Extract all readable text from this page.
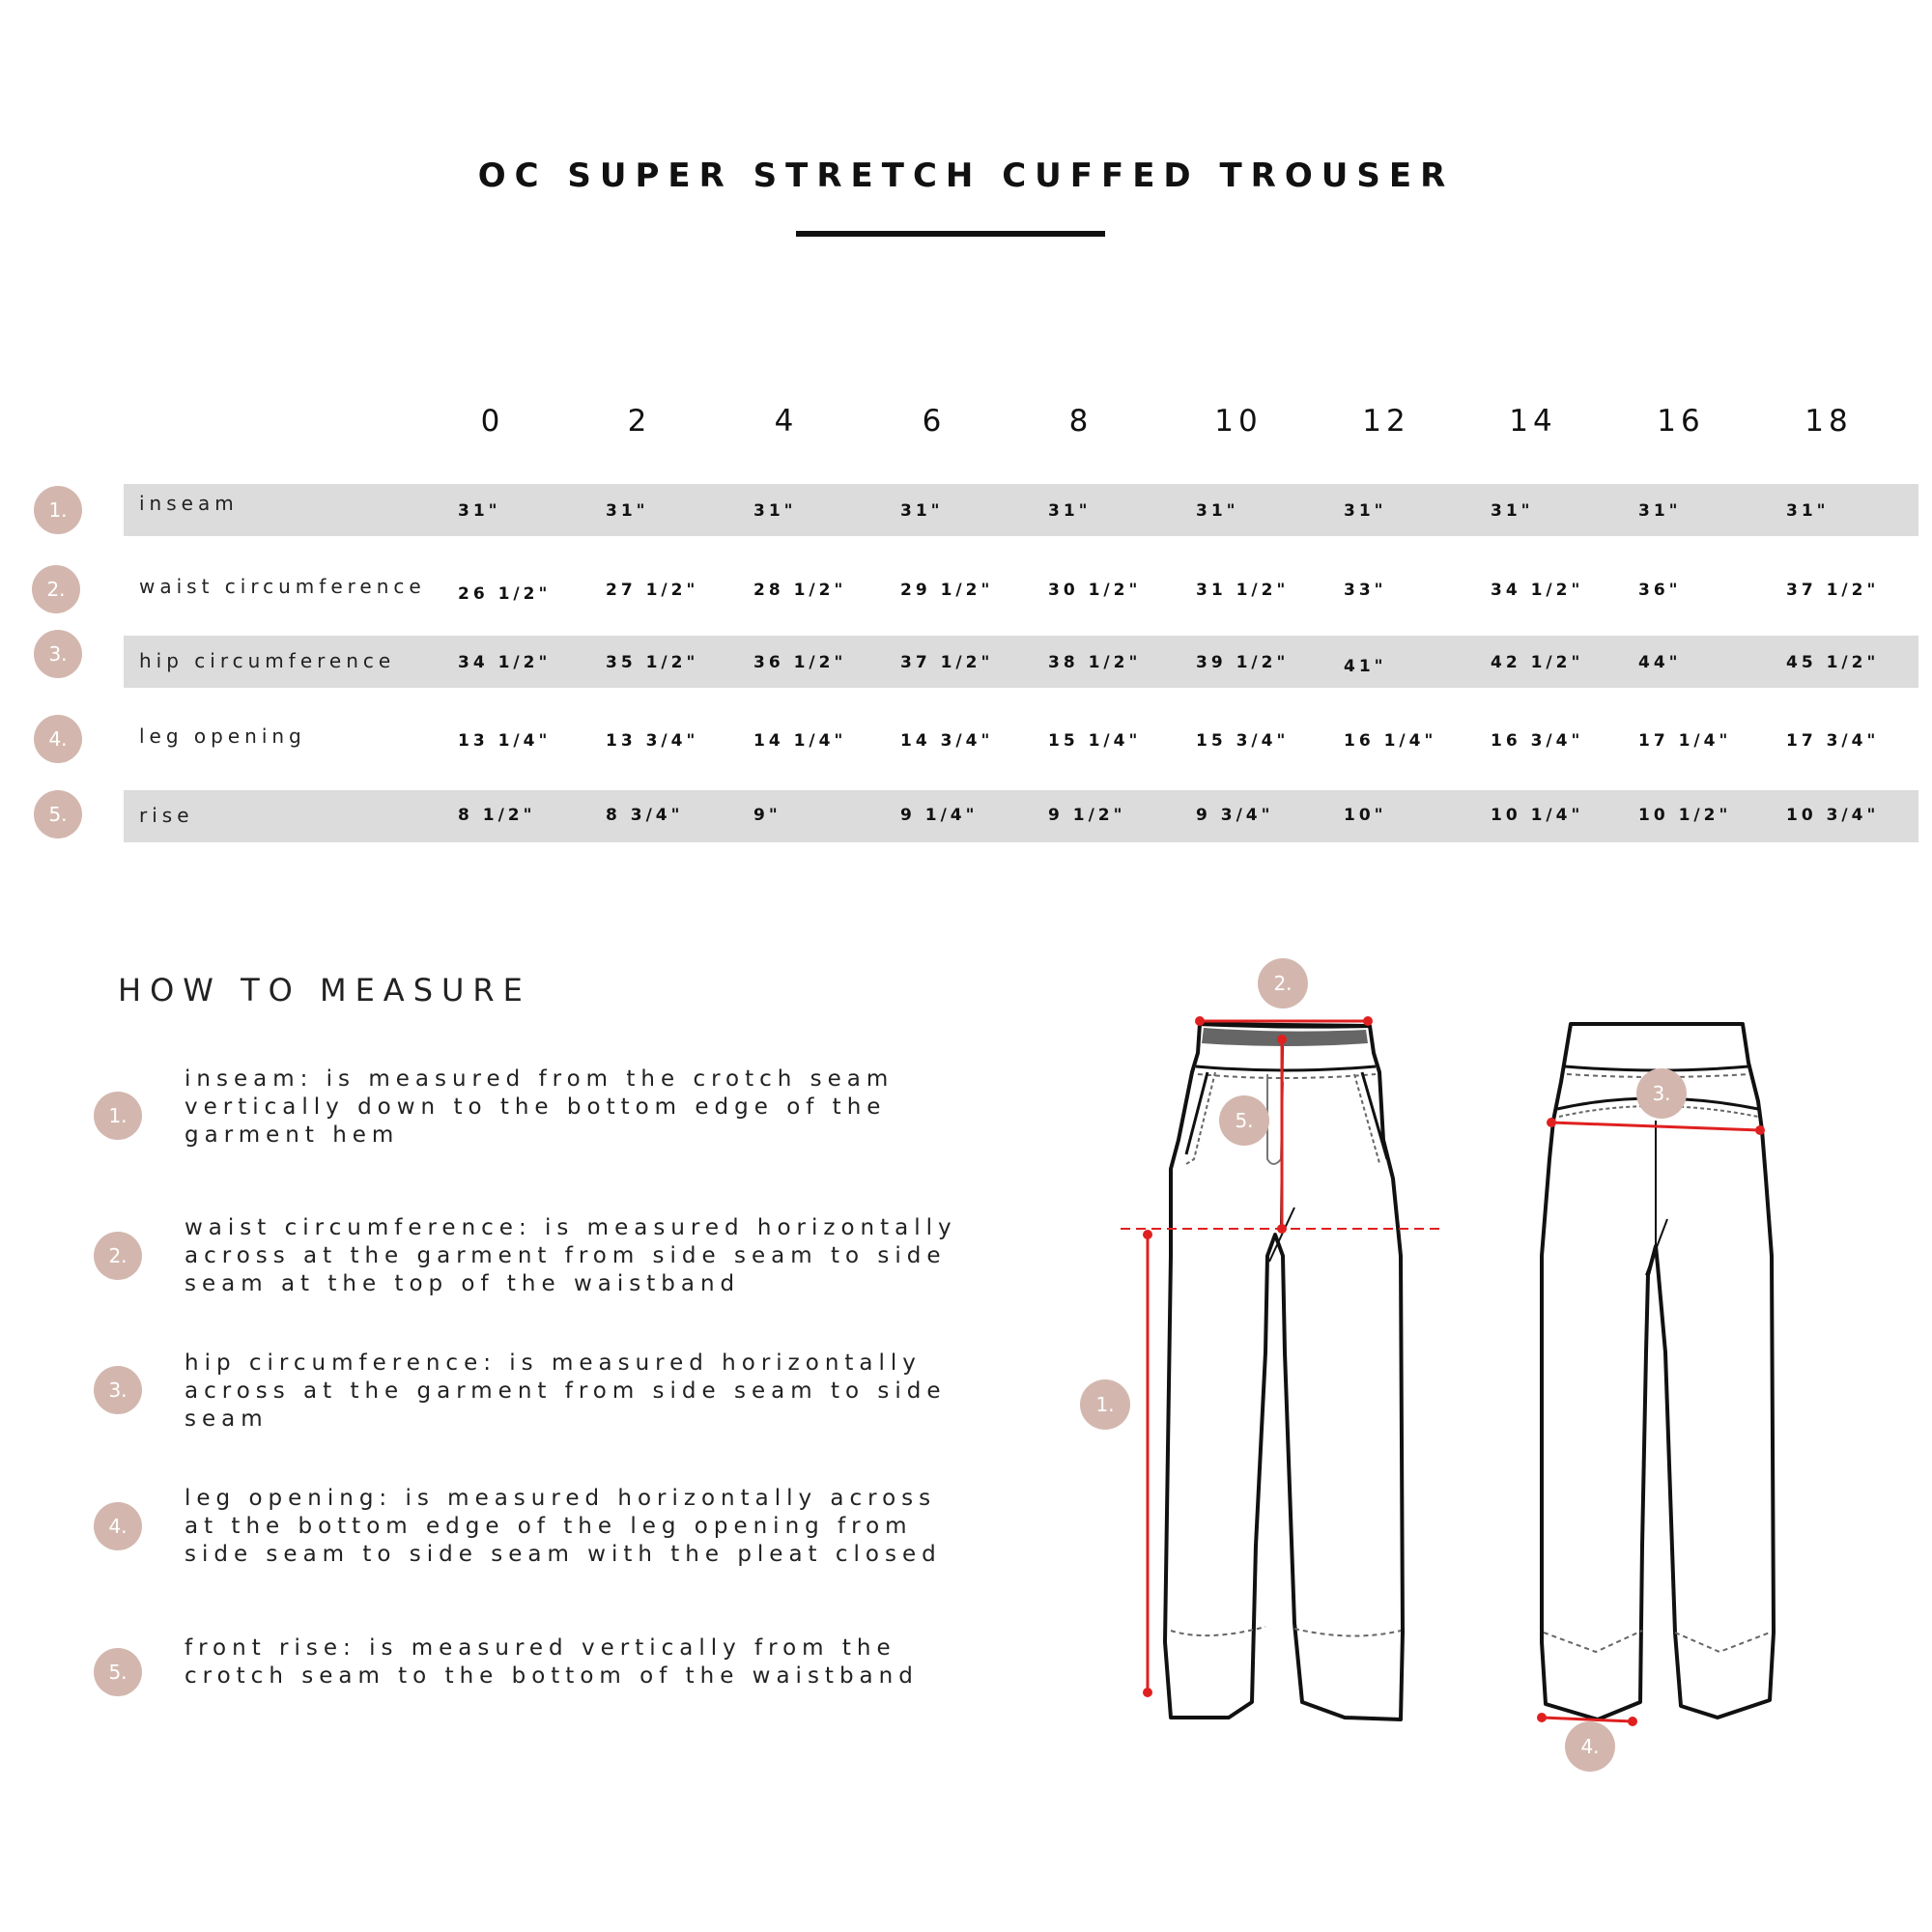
OC SUPER STRETCH CUFFED TROUSER
0	2	4	6	8	10	12	14	16	18
1.	inseam	31"	31"	31"	31"	31"	31"	31"	31"	31"	31"
2.	waist circumference 26 1/2"	27 1/2"	28 1/2"	29 1/2"	30 1/2"	31 1/2"	33"	34 1/2"	36"	37 1/2"
3.	hip circumference	34 1/2"	35 1/2"	36 1/2"	37 1/2"	38 1/2"	39 1/2"	41"	42 1/2"	44"	45 1/2"
4.	leg opening	13 1/4"	13 3/4"	14 1/4"	14 3/4"	15 1/4"	15 3/4"	16 1/4"	16 3/4"	17 1/4"	17 3/4"
5.	rise	8 1/2"	8 3/4"	9"	9 1/4"	9 1/2"	9 3/4"	10"	10 1/4"	10 1/2"	10 3/4"
HOW TO MEASURE
1.
inseam: is measured from the crotch seam
vertically down to the bottom edge of the
garment hem
2.
waist circumference: is measured horizontally
across at the garment from side seam to side
seam at the top of the waistband
3.
hip circumference: is measured horizontally
across at the garment from side seam to side
seam
4.
leg opening: is measured horizontally across
at the bottom edge of the leg opening from
side seam to side seam with the pleat closed
5.
front rise: is measured vertically from the
crotch seam to the bottom of the waistband
2.
5.
1.
3.
4.
